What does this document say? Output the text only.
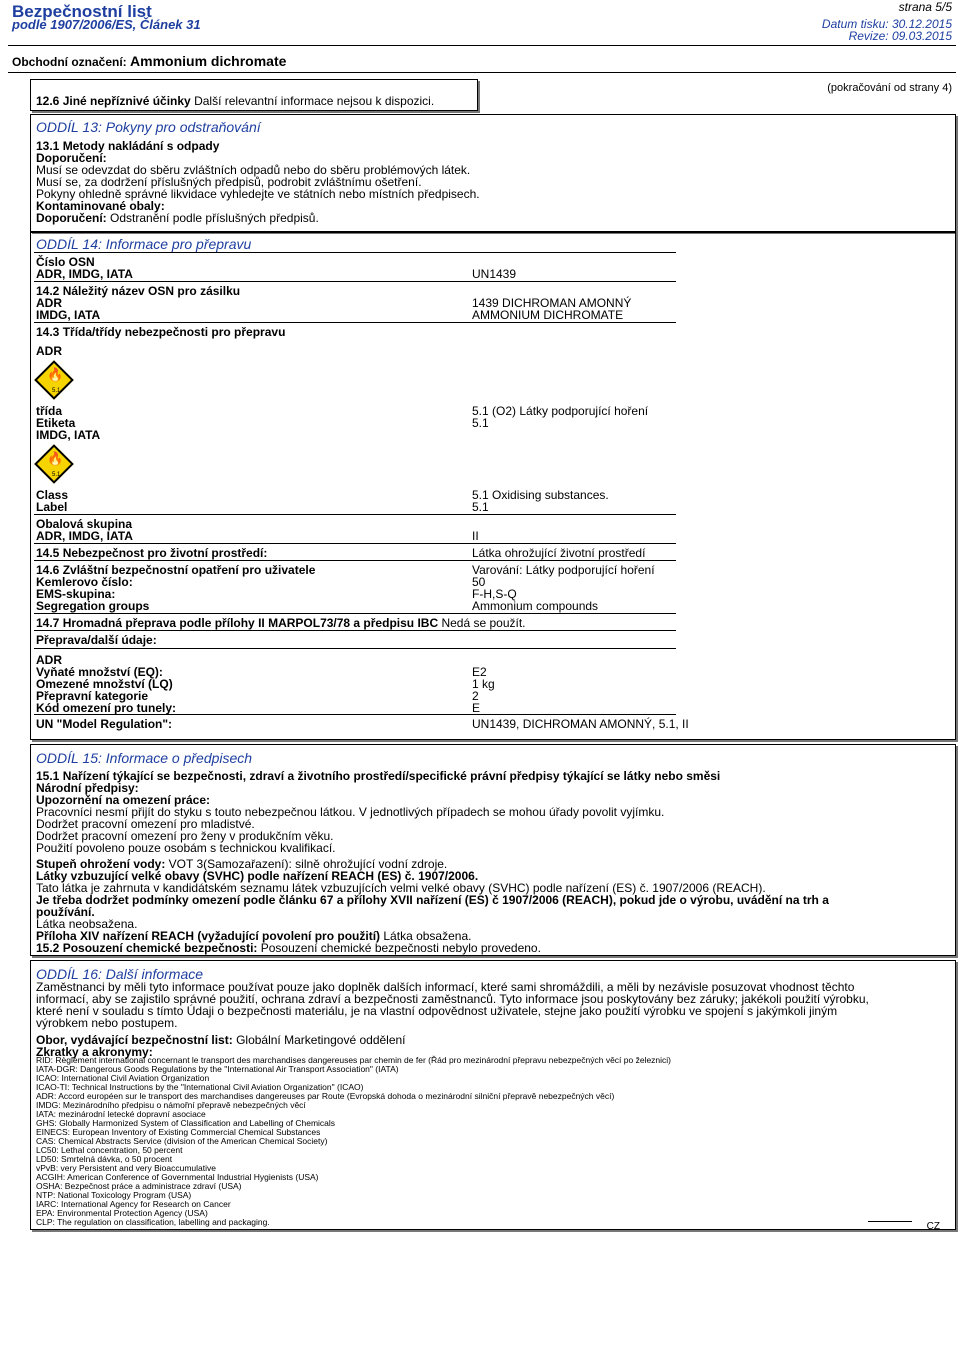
Bezpečnostní list
podle 1907/2006/ES, Článek 31
strana 5/5
Datum tisku: 30.12.2015
Revize: 09.03.2015
Obchodní označení: Ammonium dichromate
(pokračování od strany 4)
12.6 Jiné nepříznivé účinky Další relevantní informace nejsou k dispozici.
ODDÍL 13: Pokyny pro odstraňování
13.1 Metody nakládání s odpady
Doporučení:
Musí se odevzdat do sběru zvláštních odpadů nebo do sběru problémových látek.
Musí se, za dodržení příslušných předpisů, podrobit zvláštnímu ošetření.
Pokyny ohledně správné likvidace vyhledejte ve státních nebo místních předpisech.
Kontaminované obaly:
Doporučení: Odstranění podle příslušných předpisů.
ODDÍL 14: Informace pro přepravu
Číslo OSN
ADR, IMDG, IATA	UN1439
14.2 Náležitý název OSN pro zásilku
ADR	1439 DICHROMAN AMONNÝ
IMDG, IATA	AMMONIUM DICHROMATE
14.3 Třída/třídy nebezpečnosti pro přepravu
ADR
🔥
5.1
třída	5.1 (O2) Látky podporující hoření
Etiketa	5.1
IMDG, IATA
🔥
5.1
Class	5.1 Oxidising substances.
Label	5.1
Obalová skupina
ADR, IMDG, IATA	II
14.5 Nebezpečnost pro životní prostředí:	Látka ohrožující životní prostředí
14.6 Zvláštní bezpečnostní opatření pro uživatele	Varování: Látky podporující hoření
Kemlerovo číslo:	50
EMS-skupina:	F-H,S-Q
Segregation groups	Ammonium compounds
14.7 Hromadná přeprava podle přílohy II MARPOL73/78 a předpisu IBC Nedá se použít.
Přeprava/další údaje:
ADR
Vyňaté množství (EQ):	E2
Omezené množství (LQ)	1 kg
Přepravní kategorie	2
Kód omezení pro tunely:	E
UN "Model Regulation":	UN1439, DICHROMAN AMONNÝ, 5.1, II
ODDÍL 15: Informace o předpisech
15.1 Nařízení týkající se bezpečnosti, zdraví a životního prostředí/specifické právní předpisy týkající se látky nebo směsi
Národní předpisy:
Upozornění na omezení práce:
Pracovníci nesmí přijít do styku s touto nebezpečnou látkou. V jednotlivých případech se mohou úřady povolit vyjímku.
Dodržet pracovní omezení pro mladistvé.
Dodržet pracovní omezení pro ženy v produkčním věku.
Použití povoleno pouze osobám s technickou kvalifikací.
Stupeň ohrožení vody: VOT 3(Samozařazení): silně ohrožující vodní zdroje.
Látky vzbuzující velké obavy (SVHC) podle nařízení REACH (ES) č. 1907/2006.
Tato látka je zahrnuta v kandidátském seznamu látek vzbuzujících velmi velké obavy (SVHC) podle nařízení (ES) č. 1907/2006 (REACH).
Je třeba dodržet podmínky omezení podle článku 67 a přílohy XVII nařízení (ES) č 1907/2006 (REACH), pokud jde o výrobu, uvádění na trh a
používání.
Látka neobsažena.
Příloha XIV nařízení REACH (vyžadující povolení pro použití) Látka obsažena.
15.2 Posouzení chemické bezpečnosti: Posouzení chemické bezpečnosti nebylo provedeno.
ODDÍL 16: Další informace
Zaměstnanci by měli tyto informace používat pouze jako doplněk dalších informací, které sami shromáždili, a měli by nezávisle posuzovat vhodnost těchto
informací, aby se zajistilo správné použití, ochrana zdraví a bezpečnosti zaměstnanců. Tyto informace jsou poskytovány bez záruky; jakékoli použití výrobku,
které není v souladu s tímto Údaji o bezpečnosti materiálu, je na vlastní odpovědnost uživatele, stejne jako použití výrobku ve spojení s jakýmkoli jiným
výrobkem nebo postupem.
Obor, vydávající bezpečnostní list: Globální Marketingové oddělení
Zkratky a akronymy:
RID: Règlement international concernant le transport des marchandises dangereuses par chemin de fer (Řád pro mezinárodní přepravu nebezpečných věcí po železnici)
IATA-DGR: Dangerous Goods Regulations by the "International Air Transport Association" (IATA)
ICAO: International Civil Aviation Organization
ICAO-TI: Technical Instructions by the "International Civil Aviation Organization" (ICAO)
ADR: Accord européen sur le transport des marchandises dangereuses par Route (Evropská dohoda o mezinárodní silniční přepravě nebezpečných věcí)
IMDG: Mezinárodního předpisu o námořní přepravě nebezpečných věcí
IATA: mezinárodní letecké dopravní asociace
GHS: Globally Harmonized System of Classification and Labelling of Chemicals
EINECS: European Inventory of Existing Commercial Chemical Substances
CAS: Chemical Abstracts Service (division of the American Chemical Society)
LC50: Lethal concentration, 50 percent
LD50: Smrtelná dávka, o 50 procent
vPvB: very Persistent and very Bioaccumulative
ACGIH: American Conference of Governmental Industrial Hygienists (USA)
OSHA: Bezpečnost práce a administrace zdraví (USA)
NTP: National Toxicology Program (USA)
IARC: International Agency for Research on Cancer
EPA: Environmental Protection Agency (USA)
CLP: The regulation on classification, labelling and packaging.	CZ
